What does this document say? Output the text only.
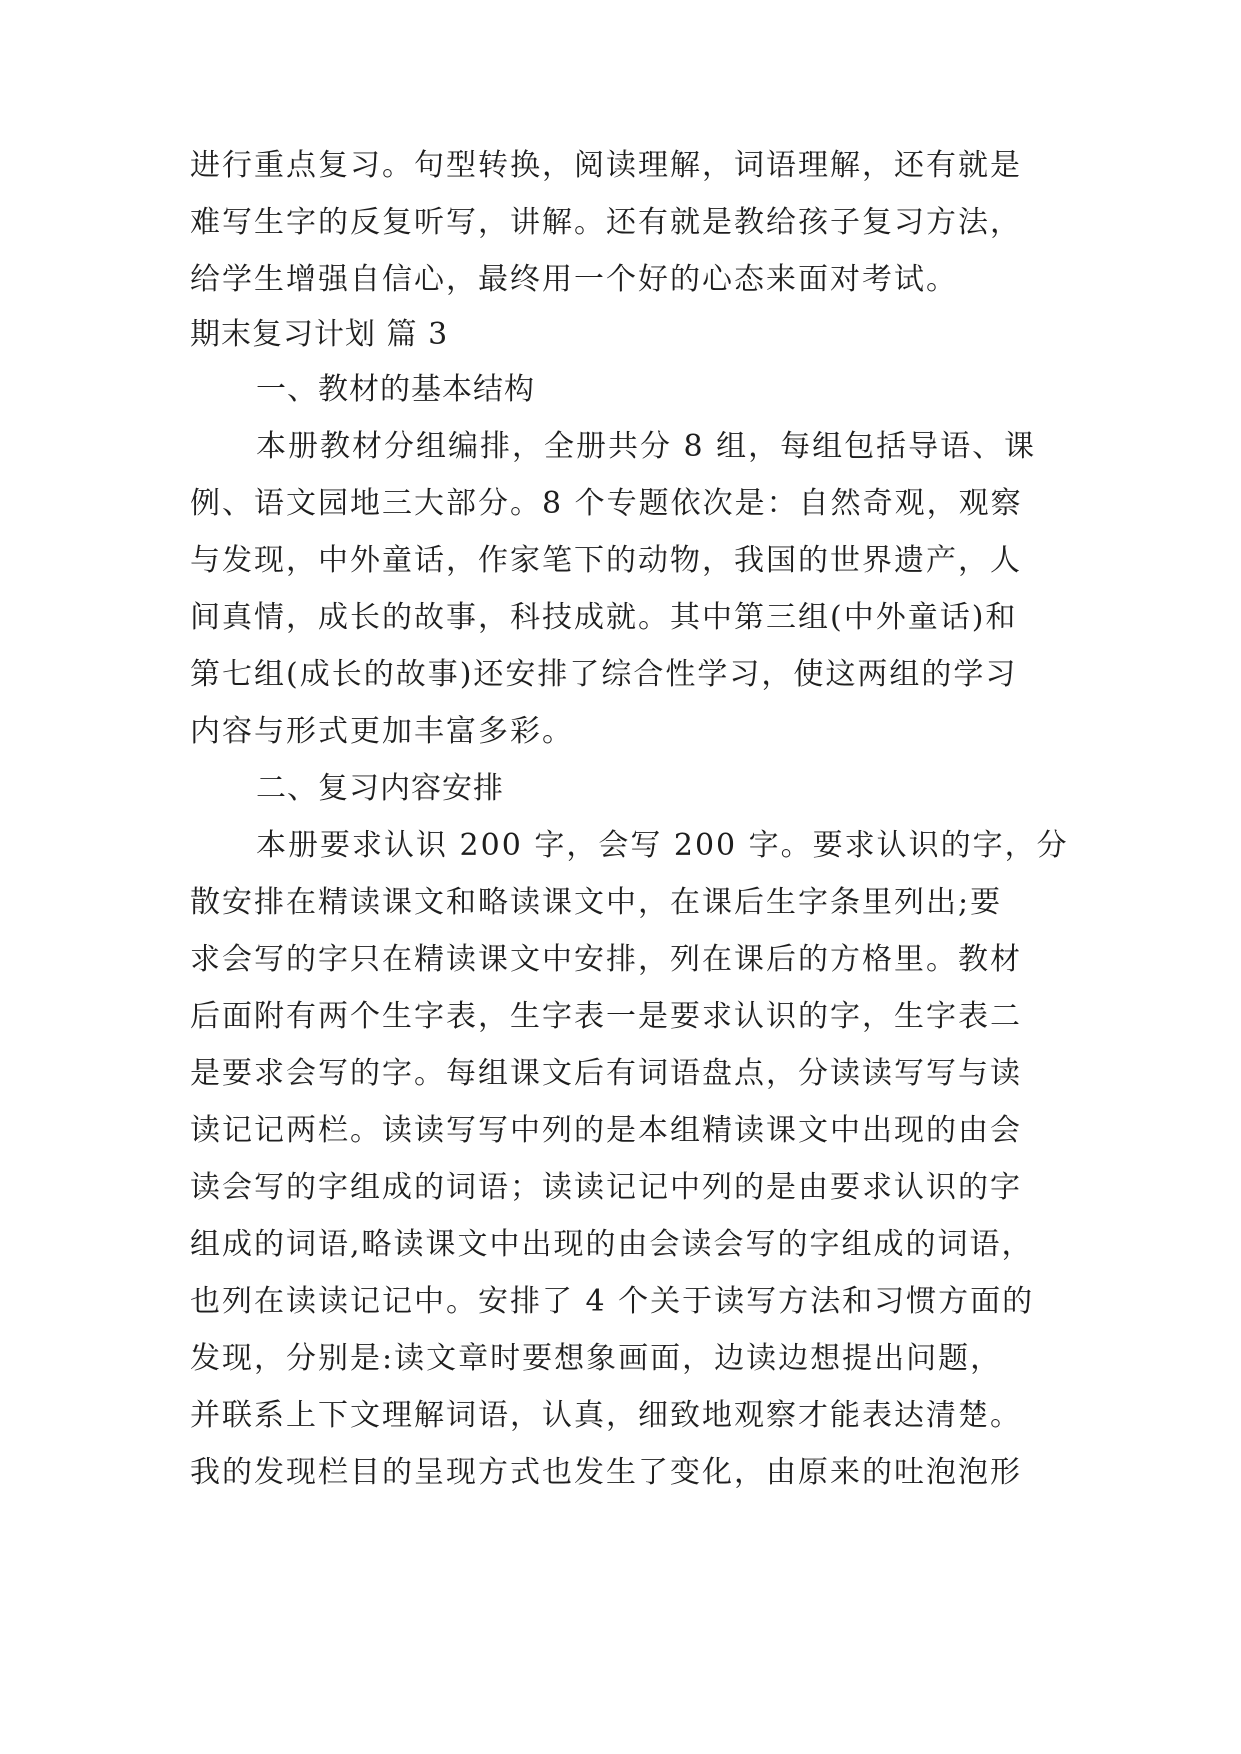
进行重点复习。句型转换，阅读理解，词语理解，还有就是
难写生字的反复听写，讲解。还有就是教给孩子复习方法，
给学生增强自信心，最终用一个好的心态来面对考试。
期末复习计划 篇 3
一、教材的基本结构
本册教材分组编排，全册共分 8 组，每组包括导语、课
例、语文园地三大部分。8 个专题依次是：自然奇观，观察
与发现，中外童话，作家笔下的动物，我国的世界遗产，人
间真情，成长的故事，科技成就。其中第三组(中外童话)和
第七组(成长的故事)还安排了综合性学习，使这两组的学习
内容与形式更加丰富多彩。
二、复习内容安排
本册要求认识 200 字，会写 200 字。要求认识的字，分
散安排在精读课文和略读课文中，在课后生字条里列出;要
求会写的字只在精读课文中安排，列在课后的方格里。教材
后面附有两个生字表，生字表一是要求认识的字，生字表二
是要求会写的字。每组课文后有词语盘点，分读读写写与读
读记记两栏。读读写写中列的是本组精读课文中出现的由会
读会写的字组成的词语；读读记记中列的是由要求认识的字
组成的词语,略读课文中出现的由会读会写的字组成的词语，
也列在读读记记中。安排了 4 个关于读写方法和习惯方面的
发现，分别是:读文章时要想象画面，边读边想提出问题，
并联系上下文理解词语，认真，细致地观察才能表达清楚。
我的发现栏目的呈现方式也发生了变化，由原来的吐泡泡形
